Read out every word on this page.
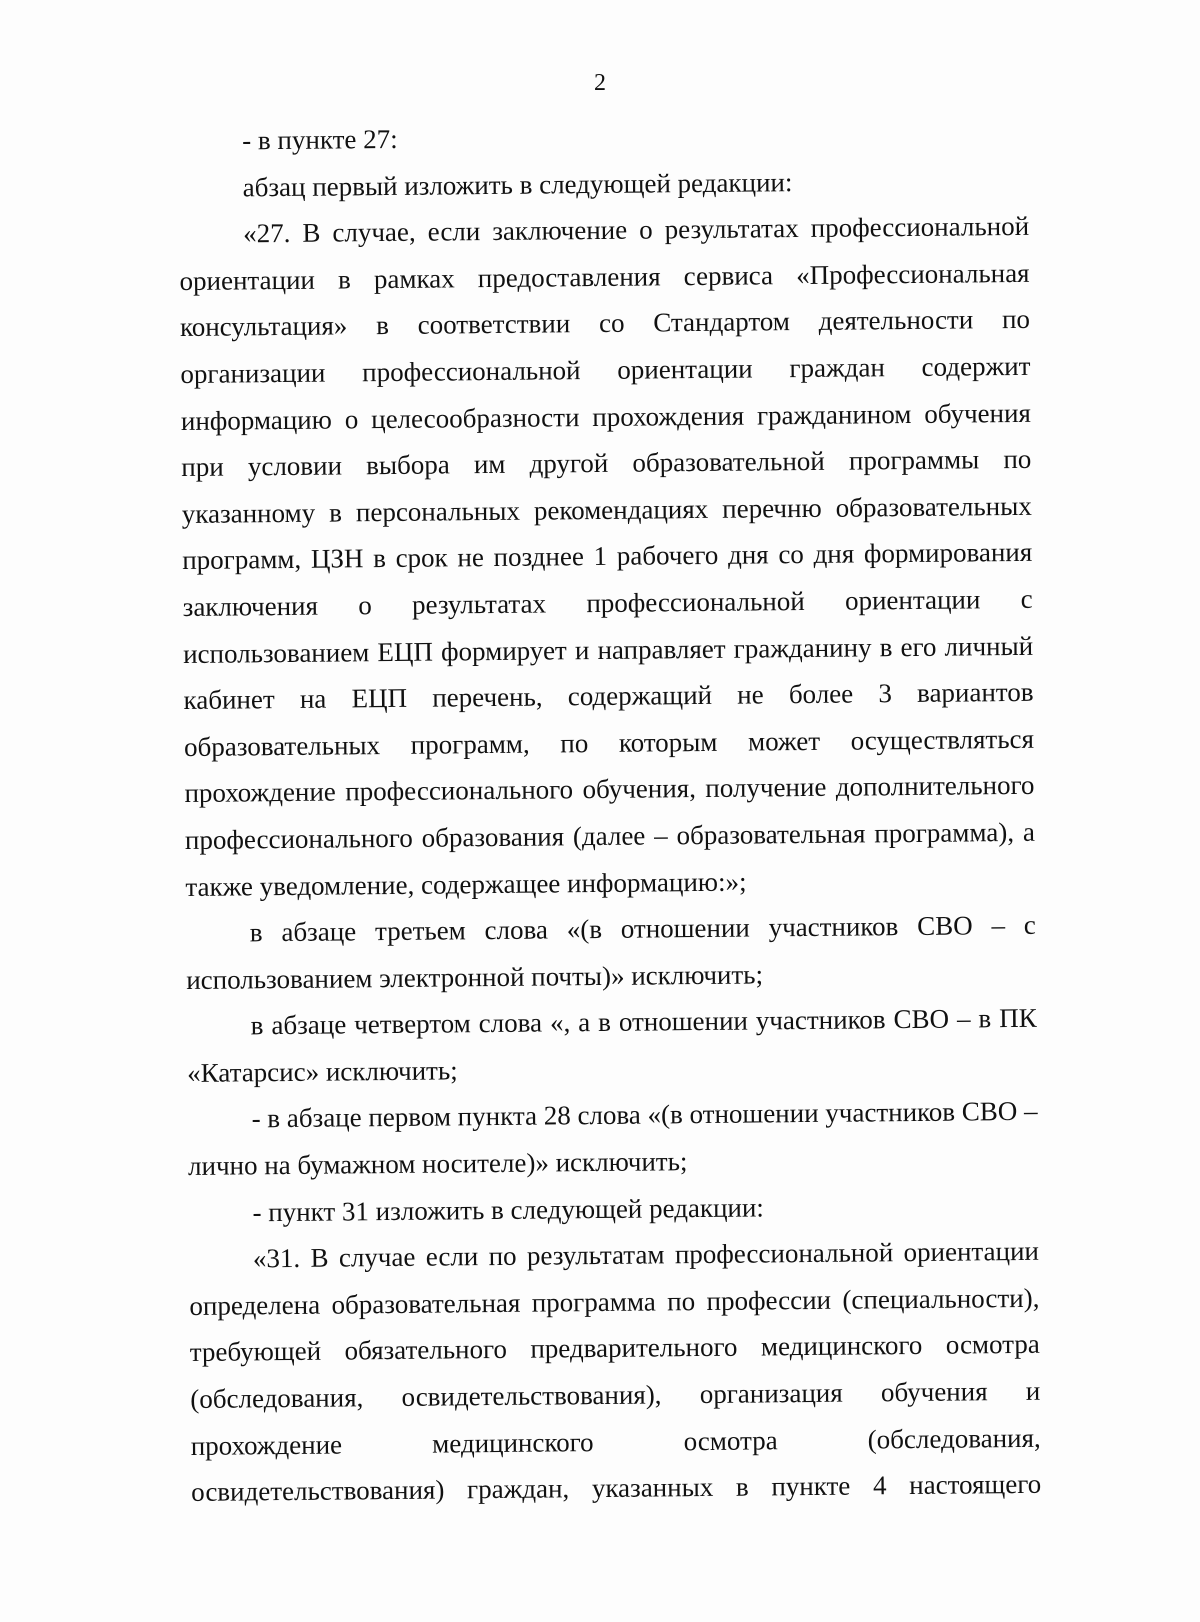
2

- в пункте 27:

абзац первый изложить в следующей редакции:

«27. В случае, если заключение о результатах профессиональной ориентации в рамках предоставления сервиса «Профессиональная консультация» в соответствии со Стандартом деятельности по организации профессиональной ориентации граждан содержит информацию о целесообразности прохождения гражданином обучения при условии выбора им другой образовательной программы по указанному в персональных рекомендациях перечню образовательных программ, ЦЗН в срок не позднее 1 рабочего дня со дня формирования заключения о результатах профессиональной ориентации с использованием ЕЦП формирует и направляет гражданину в его личный кабинет на ЕЦП перечень, содержащий не более 3 вариантов образовательных программ, по которым может осуществляться прохождение профессионального обучения, получение дополнительного профессионального образования (далее – образовательная программа), а также уведомление, содержащее информацию:»;

в абзаце третьем слова «(в отношении участников СВО – с использованием электронной почты)» исключить;

в абзаце четвертом слова «, а в отношении участников СВО – в ПК «Катарсис» исключить;

- в абзаце первом пункта 28 слова «(в отношении участников СВО – лично на бумажном носителе)» исключить;

- пункт 31 изложить в следующей редакции:

«31. В случае если по результатам профессиональной ориентации определена образовательная программа по профессии (специальности), требующей обязательного предварительного медицинского осмотра (обследования, освидетельствования), организация обучения и прохождение медицинского осмотра (обследования, освидетельствования) граждан, указанных в пункте 4 настоящего
